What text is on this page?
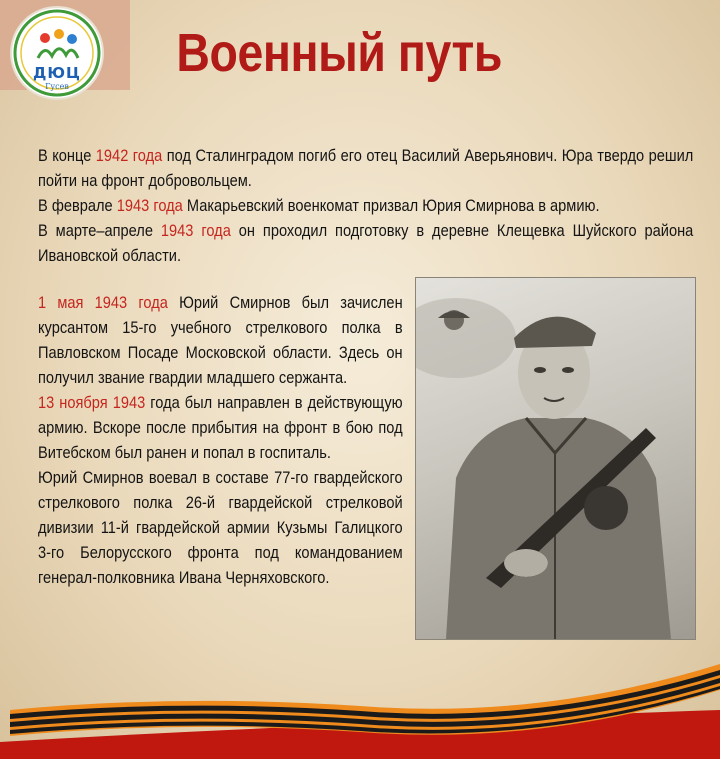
ДЮЦ
Гусев
Военный путь
В конце 1942 года под Сталинградом погиб его отец Василий Аверьянович. Юра твердо решил пойти на фронт добровольцем.
В феврале 1943 года Макарьевский военкомат призвал Юрия Смирнова в армию.
В марте–апреле 1943 года он проходил подготовку в деревне Клещевка Шуйского района Ивановской области.
1 мая 1943 года Юрий Смирнов был зачислен курсантом 15-го учебного стрелкового полка в Павловском Посаде Московской области. Здесь он получил звание гвардии младшего сержанта.
13 ноября 1943 года был направлен в действующую армию. Вскоре после прибытия на фронт в бою под Витебском был ранен и попал в госпиталь.
Юрий Смирнов воевал в составе 77-го гвардейского стрелкового полка 26-й гвардейской стрелковой дивизии 11-й гвардейской армии Кузьмы Галицкого 3-го Белорусского фронта под командованием генерал-полковника Ивана Черняховского.
